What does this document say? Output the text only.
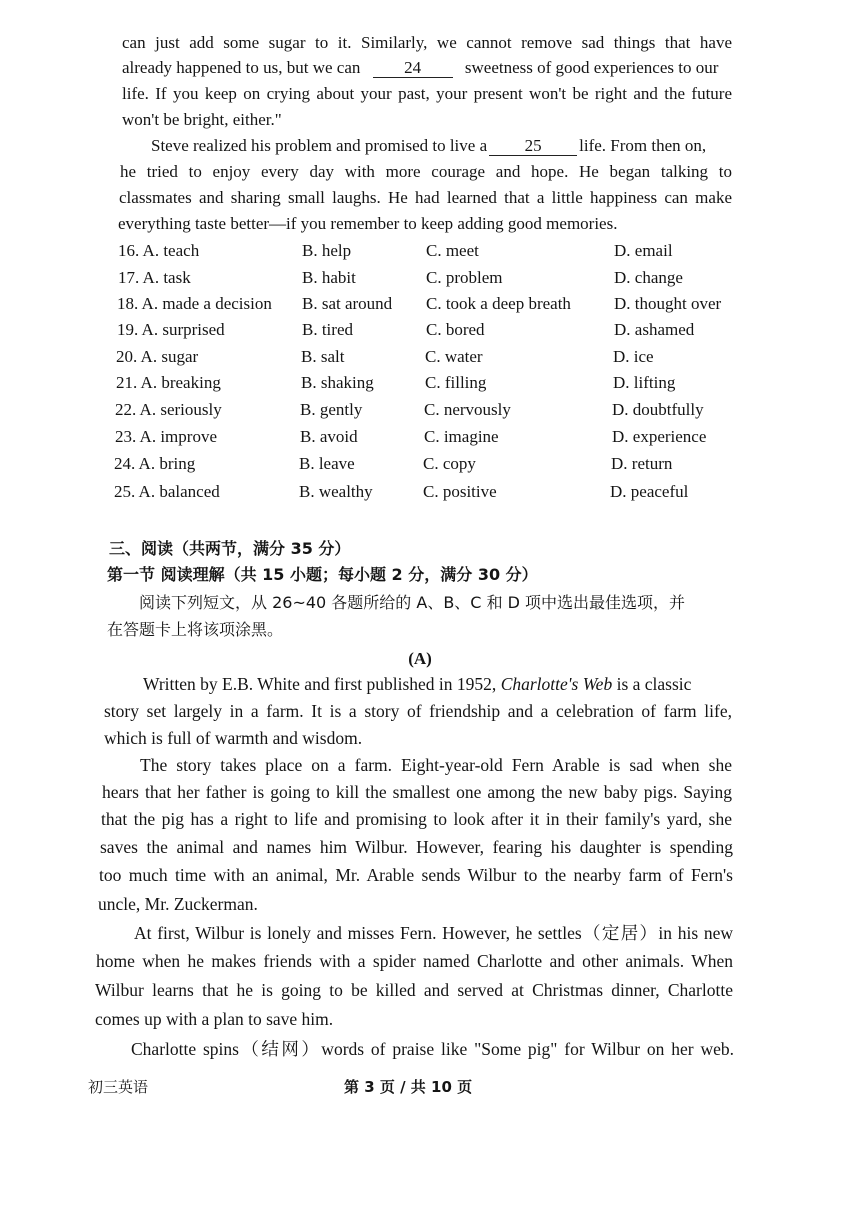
can just add some sugar to it. Similarly, we cannot remove sad things that have
already happened to us, but we can	24	sweetness of good experiences to our
life. If you keep on crying about your past, your present won't be right and the future
won't be bright, either."
Steve realized his problem and promised to live a 25 life. From then on,
he tried to enjoy every day with more courage and hope. He began talking to
classmates and sharing small laughs. He had learned that a little happiness can make
everything taste better—if you remember to keep adding good memories.
16. A. teach	B. help	C. meet	D. email
17. A. task	B. habit	C. problem	D. change
18. A. made a decision B. sat around C. took a deep breath	D. thought over
19. A. surprised	B. tired	C. bored	D. ashamed
20. A. sugar	B. salt	C. water	D. ice
21. A. breaking	B. shaking	C. filling	D. lifting
22. A. seriously	B. gently	C. nervously	D. doubtfully
23. A. improve	B. avoid	C. imagine	D. experience
24. A. bring	B. leave	C. copy	D. return
25. A. balanced	B. wealthy	C. positive	D. peaceful
三、阅读（共两节，满分 35 分）
第一节 阅读理解（共 15 小题；每小题 2 分，满分 30 分）
阅读下列短文，从 26~40 各题所给的 A、B、C 和 D 项中选出最佳选项，并
在答题卡上将该项涂黑。
(A)
Written by E.B. White and first published in 1952, Charlotte's Web is a classic
story set largely in a farm. It is a story of friendship and a celebration of farm life,
which is full of warmth and wisdom.
The story takes place on a farm. Eight-year-old Fern Arable is sad when she
hears that her father is going to kill the smallest one among the new baby pigs. Saying
that the pig has a right to life and promising to look after it in their family's yard, she
saves the animal and names him Wilbur. However, fearing his daughter is spending
too much time with an animal, Mr. Arable sends Wilbur to the nearby farm of Fern's
uncle, Mr. Zuckerman.
At first, Wilbur is lonely and misses Fern. However, he settles（定居）in his new
home when he makes friends with a spider named Charlotte and other animals. When
Wilbur learns that he is going to be killed and served at Christmas dinner, Charlotte
comes up with a plan to save him.
Charlotte spins（结网）words of praise like "Some pig" for Wilbur on her web.
初三英语	第 3 页 / 共 10 页
